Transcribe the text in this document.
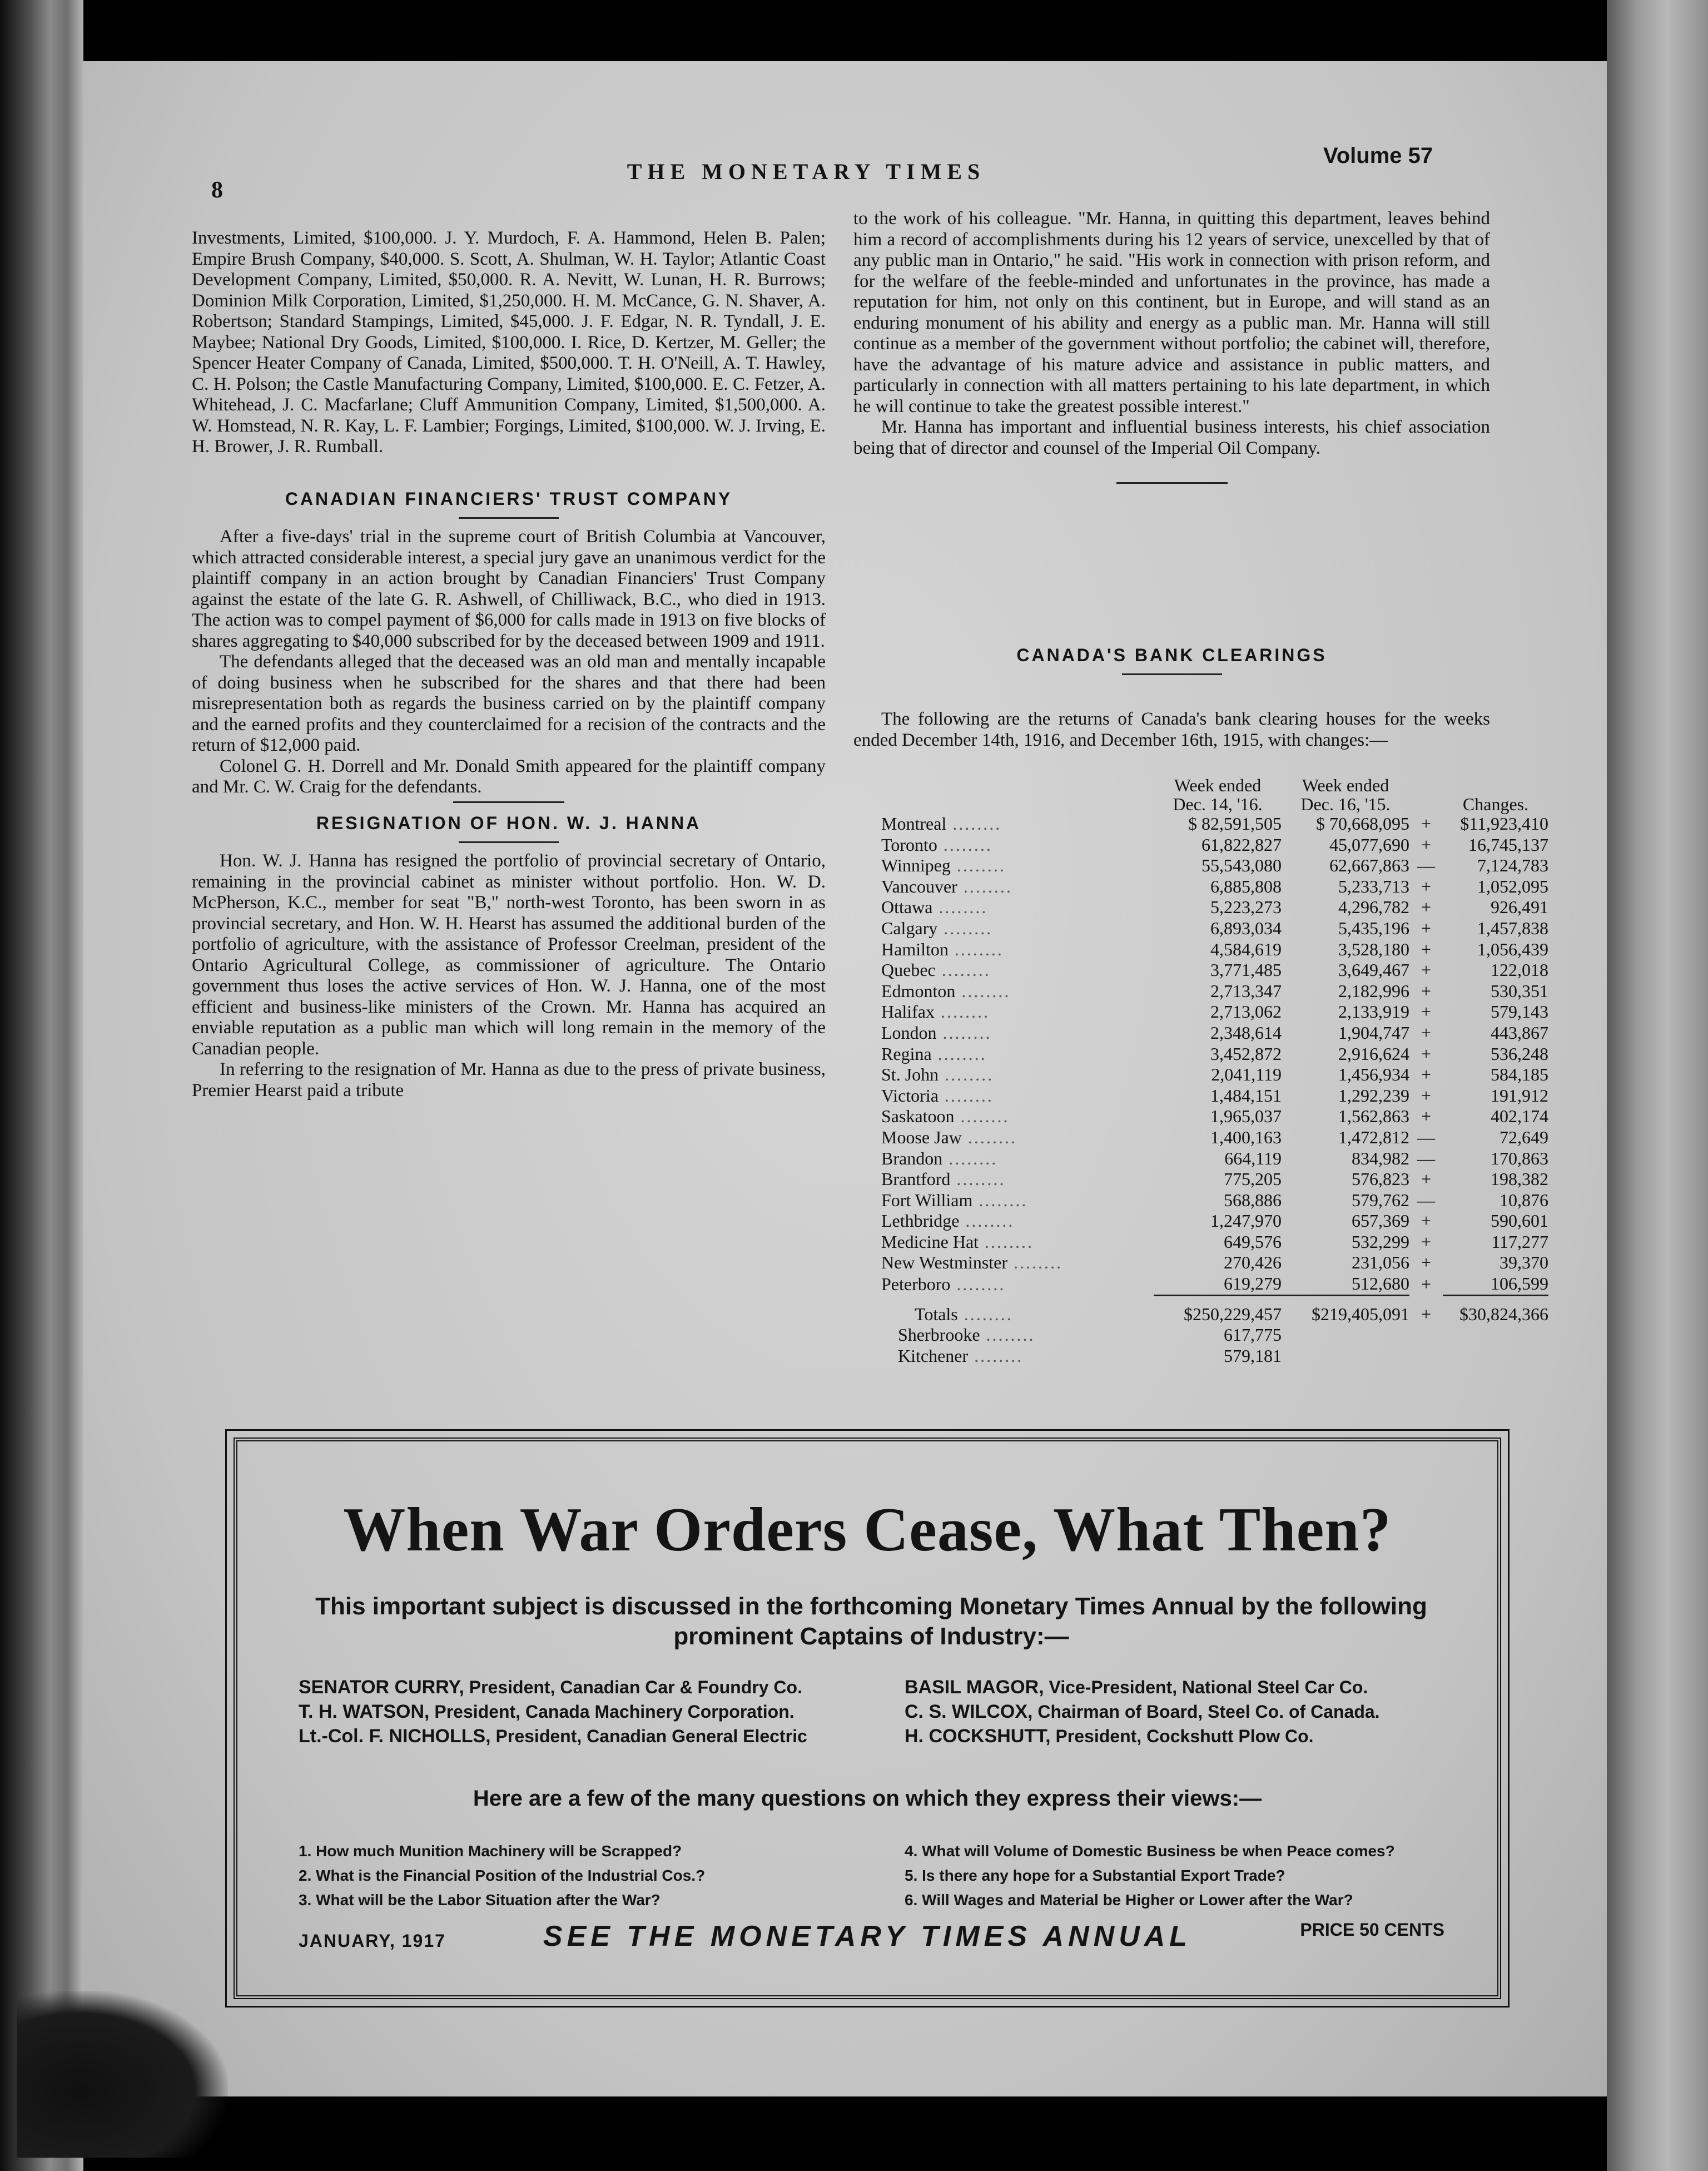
8
THE MONETARY TIMES
Volume 57

Investments, Limited, $100,000. J. Y. Murdoch, F. A. Hammond, Helen B. Palen; Empire Brush Company, $40,000. S. Scott, A. Shulman, W. H. Taylor; Atlantic Coast Development Company, Limited, $50,000. R. A. Nevitt, W. Lunan, H. R. Burrows; Dominion Milk Corporation, Limited, $1,250,000. H. M. McCance, G. N. Shaver, A. Robertson; Standard Stampings, Limited, $45,000. J. F. Edgar, N. R. Tyndall, J. E. Maybee; National Dry Goods, Limited, $100,000. I. Rice, D. Kertzer, M. Geller; the Spencer Heater Company of Canada, Limited, $500,000. T. H. O'Neill, A. T. Hawley, C. H. Polson; the Castle Manufacturing Company, Limited, $100,000. E. C. Fetzer, A. Whitehead, J. C. Macfarlane; Cluff Ammunition Company, Limited, $1,500,000. A. W. Homstead, N. R. Kay, L. F. Lambier; Forgings, Limited, $100,000. W. J. Irving, E. H. Brower, J. R. Rumball.

CANADIAN FINANCIERS' TRUST COMPANY

After a five-days' trial in the supreme court of British Columbia at Vancouver, which attracted considerable interest, a special jury gave an unanimous verdict for the plaintiff company in an action brought by Canadian Financiers' Trust Company against the estate of the late G. R. Ashwell, of Chilliwack, B.C., who died in 1913. The action was to compel payment of $6,000 for calls made in 1913 on five blocks of shares aggregating to $40,000 subscribed for by the deceased between 1909 and 1911.

The defendants alleged that the deceased was an old man and mentally incapable of doing business when he subscribed for the shares and that there had been misrepresentation both as regards the business carried on by the plaintiff company and the earned profits and they counterclaimed for a recision of the contracts and the return of $12,000 paid.

Colonel G. H. Dorrell and Mr. Donald Smith appeared for the plaintiff company and Mr. C. W. Craig for the defendants.

RESIGNATION OF HON. W. J. HANNA

Hon. W. J. Hanna has resigned the portfolio of provincial secretary of Ontario, remaining in the provincial cabinet as minister without portfolio. Hon. W. D. McPherson, K.C., member for seat "B," north-west Toronto, has been sworn in as provincial secretary, and Hon. W. H. Hearst has assumed the additional burden of the portfolio of agriculture, with the assistance of Professor Creelman, president of the Ontario Agricultural College, as commissioner of agriculture. The Ontario government thus loses the active services of Hon. W. J. Hanna, one of the most efficient and business-like ministers of the Crown. Mr. Hanna has acquired an enviable reputation as a public man which will long remain in the memory of the Canadian people.

In referring to the resignation of Mr. Hanna as due to the press of private business, Premier Hearst paid a tribute

to the work of his colleague. "Mr. Hanna, in quitting this department, leaves behind him a record of accomplishments during his 12 years of service, unexcelled by that of any public man in Ontario," he said. "His work in connection with prison reform, and for the welfare of the feeble-minded and unfortunates in the province, has made a reputation for him, not only on this continent, but in Europe, and will stand as an enduring monument of his ability and energy as a public man. Mr. Hanna will still continue as a member of the government without portfolio; the cabinet will, therefore, have the advantage of his mature advice and assistance in public matters, and particularly in connection with all matters pertaining to his late department, in which he will continue to take the greatest possible interest."

Mr. Hanna has important and influential business interests, his chief association being that of director and counsel of the Imperial Oil Company.

CANADA'S BANK CLEARINGS

The following are the returns of Canada's bank clearing houses for the weeks ended December 14th, 1916, and December 16th, 1915, with changes:—

	Week ended
Dec. 14, '16.	Week ended
Dec. 16, '15.		Changes.
Montreal ........	$ 82,591,505	$ 70,668,095	+	$11,923,410
Toronto ........	61,822,827	45,077,690	+	16,745,137
Winnipeg ........	55,543,080	62,667,863	—	7,124,783
Vancouver ........	6,885,808	5,233,713	+	1,052,095
Ottawa ........	5,223,273	4,296,782	+	926,491
Calgary ........	6,893,034	5,435,196	+	1,457,838
Hamilton ........	4,584,619	3,528,180	+	1,056,439
Quebec ........	3,771,485	3,649,467	+	122,018
Edmonton ........	2,713,347	2,182,996	+	530,351
Halifax ........	2,713,062	2,133,919	+	579,143
London ........	2,348,614	1,904,747	+	443,867
Regina ........	3,452,872	2,916,624	+	536,248
St. John ........	2,041,119	1,456,934	+	584,185
Victoria ........	1,484,151	1,292,239	+	191,912
Saskatoon ........	1,965,037	1,562,863	+	402,174
Moose Jaw ........	1,400,163	1,472,812	—	72,649
Brandon ........	664,119	834,982	—	170,863
Brantford ........	775,205	576,823	+	198,382
Fort William ........	568,886	579,762	—	10,876
Lethbridge ........	1,247,970	657,369	+	590,601
Medicine Hat ........	649,576	532,299	+	117,277
New Westminster ........	270,426	231,056	+	39,370
Peterboro ........	619,279	512,680	+	106,599

Totals ........	$250,229,457	$219,405,091	+	$30,824,366
Sherbrooke ........	617,775			
Kitchener ........	579,181			
When War Orders Cease, What Then?
This important subject is discussed in the forthcoming Monetary Times Annual by the following prominent Captains of Industry:—
SENATOR CURRY, President, Canadian Car & Foundry Co.
T. H. WATSON, President, Canada Machinery Corporation.
Lt.-Col. F. NICHOLLS, President, Canadian General Electric
BASIL MAGOR, Vice-President, National Steel Car Co.
C. S. WILCOX, Chairman of Board, Steel Co. of Canada.
H. COCKSHUTT, President, Cockshutt Plow Co.
Here are a few of the many questions on which they express their views:—
1. How much Munition Machinery will be Scrapped?
2. What is the Financial Position of the Industrial Cos.?
3. What will be the Labor Situation after the War?
4. What will Volume of Domestic Business be when Peace comes?
5. Is there any hope for a Substantial Export Trade?
6. Will Wages and Material be Higher or Lower after the War?
SEE THE MONETARY TIMES ANNUAL
JANUARY, 1917
PRICE 50 CENTS
